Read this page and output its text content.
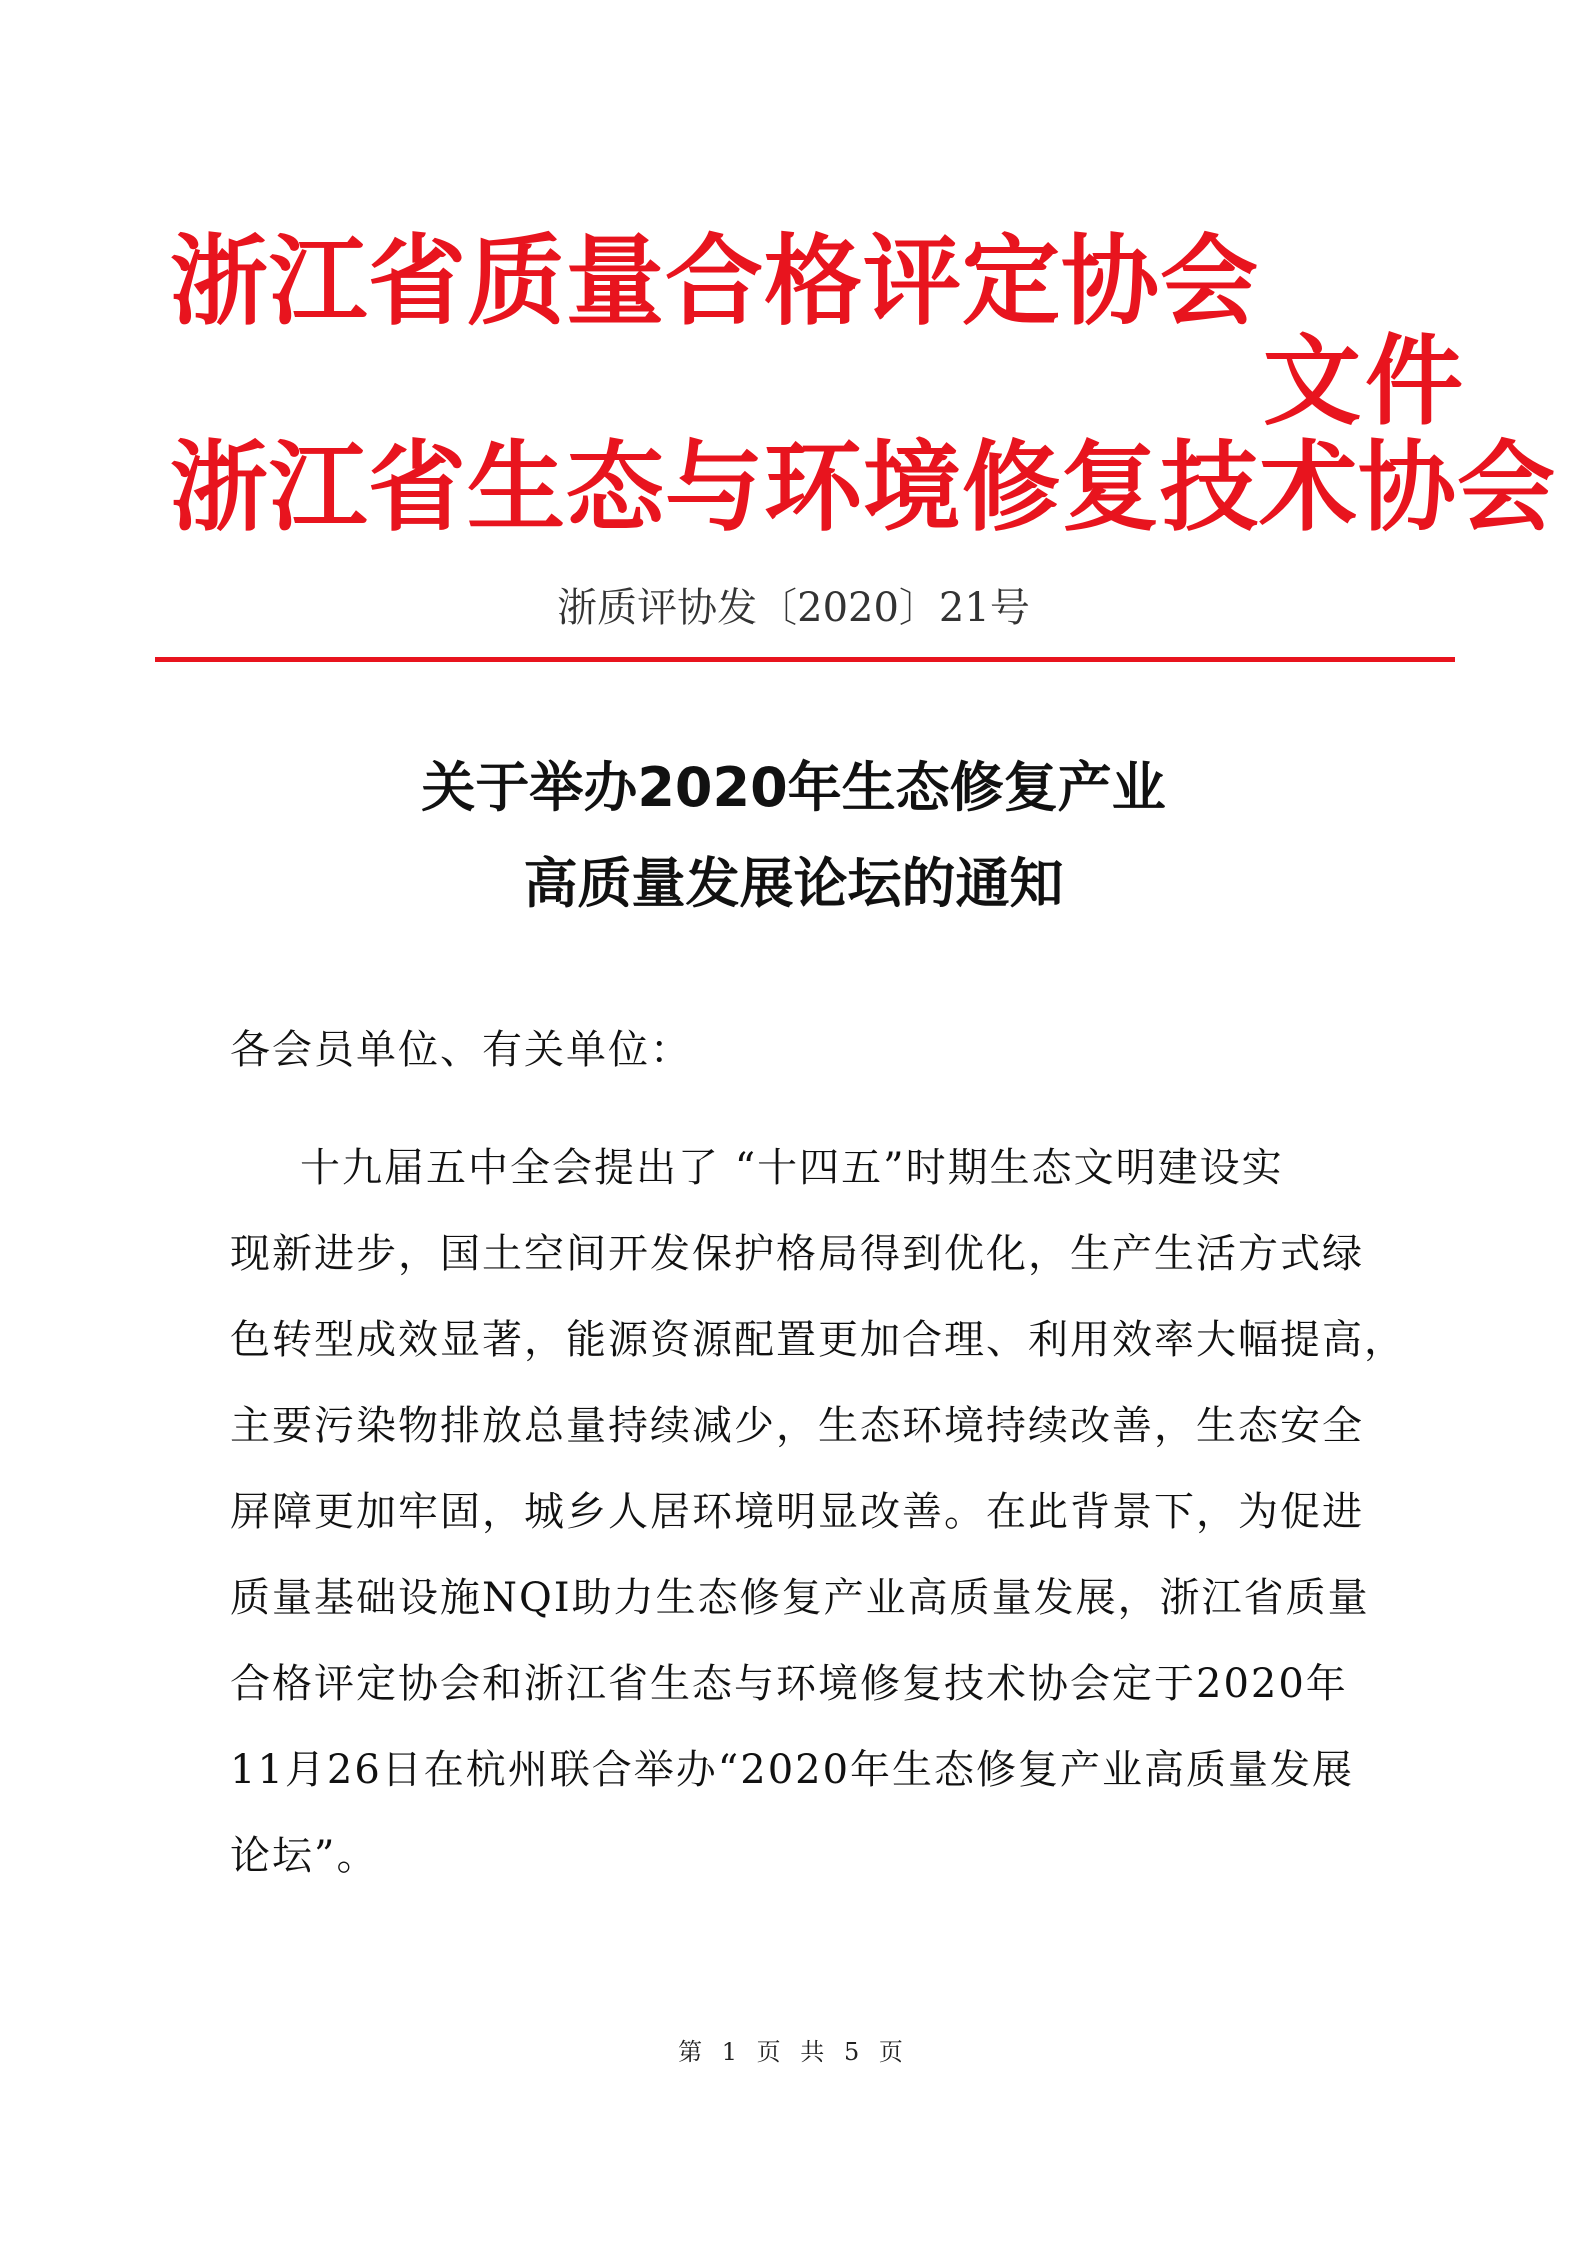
浙江省质量合格评定协会
浙江省生态与环境修复技术协会
文件
浙质评协发〔2020〕21号
关于举办2020年生态修复产业
高质量发展论坛的通知
各会员单位、有关单位：
十九届五中全会提出了 “十四五”时期生态文明建设实
现新进步，国土空间开发保护格局得到优化，生产生活方式绿
色转型成效显著，能源资源配置更加合理、利用效率大幅提高，
主要污染物排放总量持续减少，生态环境持续改善，生态安全
屏障更加牢固，城乡人居环境明显改善。在此背景下，为促进
质量基础设施NQI助力生态修复产业高质量发展，浙江省质量
合格评定协会和浙江省生态与环境修复技术协会定于2020年
11月26日在杭州联合举办“2020年生态修复产业高质量发展
论坛”。
第 1 页 共 5 页
